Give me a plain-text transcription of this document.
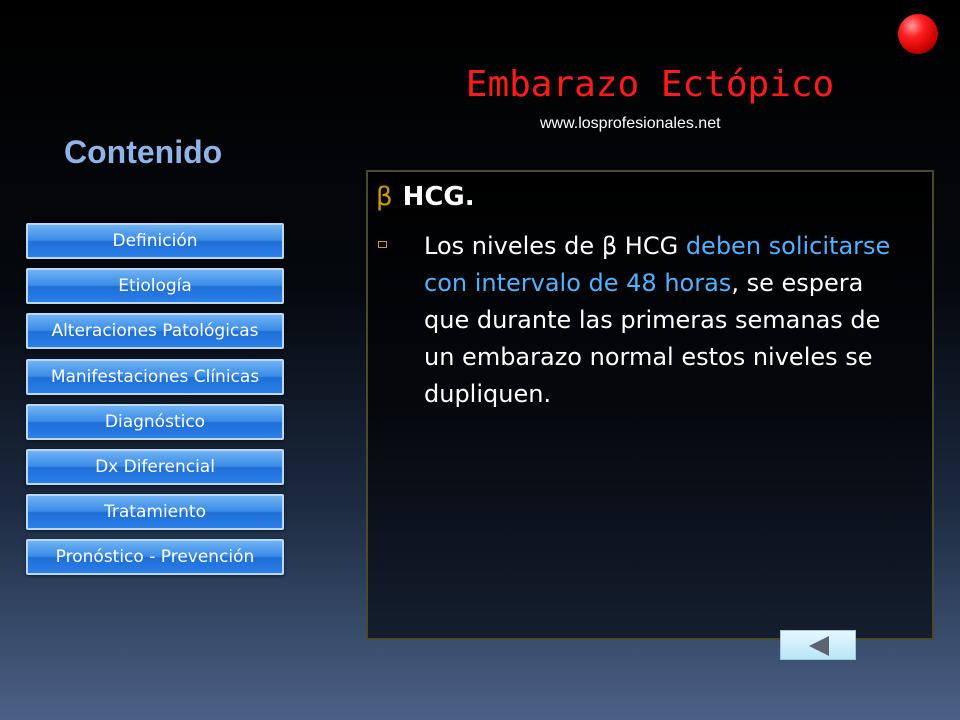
Embarazo Ectópico
www.losprofesionales.net
Contenido
Definición
Etiología
Alteraciones Patológicas
Manifestaciones Clínicas
Diagnóstico
Dx Diferencial
Tratamiento
Pronóstico - Prevención
β HCG.
Los niveles de β HCG deben solicitarse con intervalo de 48 horas, se espera que durante las primeras semanas de un embarazo normal estos niveles se dupliquen.
